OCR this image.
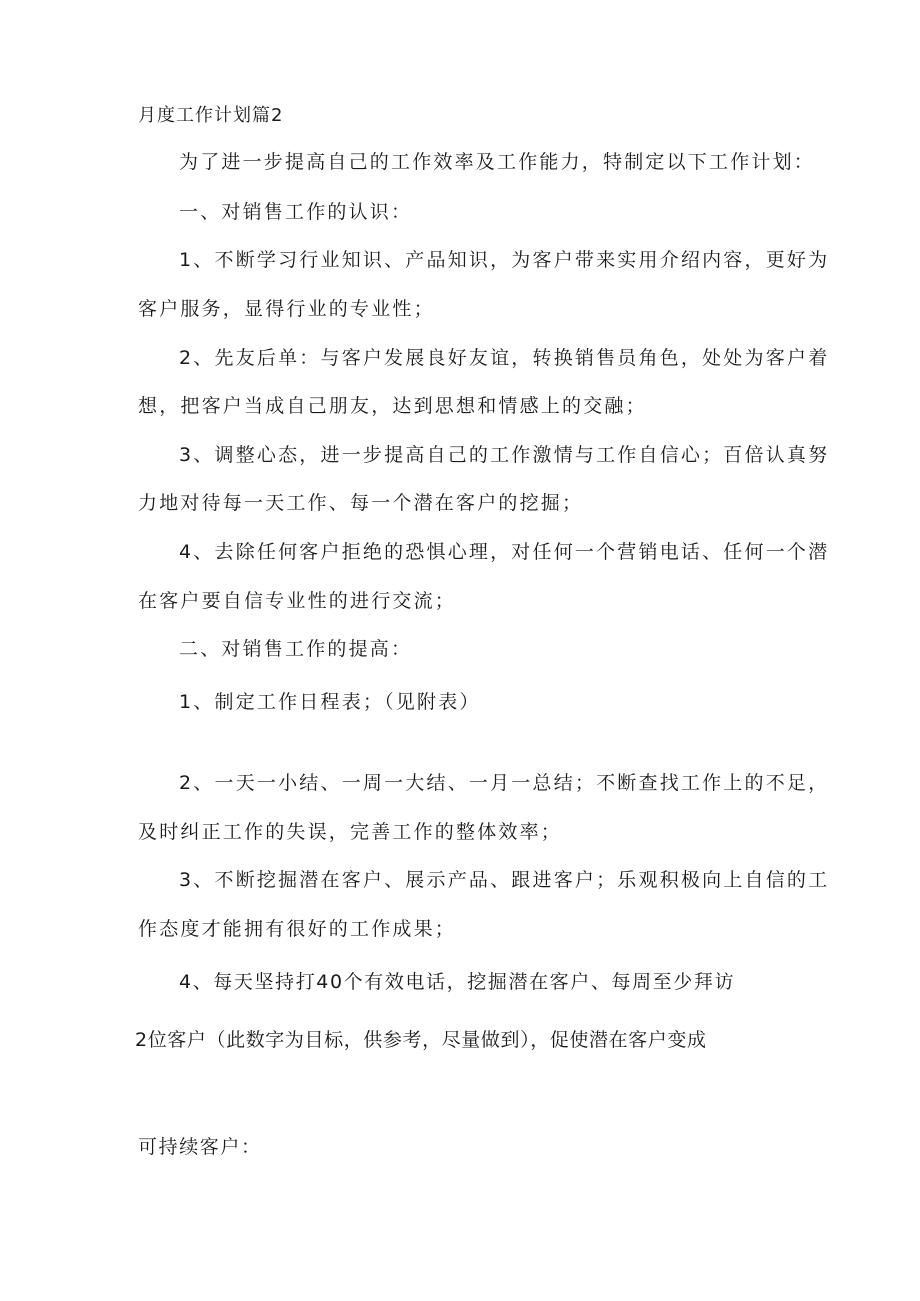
月度工作计划篇2

为了进一步提高自己的工作效率及工作能力，特制定以下工作计划：

一、对销售工作的认识：

1、不断学习行业知识、产品知识，为客户带来实用介绍内容，更好为

客户服务，显得行业的专业性；

2、先友后单：与客户发展良好友谊，转换销售员角色，处处为客户着

想，把客户当成自己朋友，达到思想和情感上的交融；

3、调整心态，进一步提高自己的工作激情与工作自信心；百倍认真努

力地对待每一天工作、每一个潜在客户的挖掘；

4、去除任何客户拒绝的恐惧心理，对任何一个营销电话、任何一个潜

在客户要自信专业性的进行交流；

二、对销售工作的提高：

1、制定工作日程表；（见附表）

2、一天一小结、一周一大结、一月一总结；不断查找工作上的不足，

及时纠正工作的失误，完善工作的整体效率；

3、不断挖掘潜在客户、展示产品、跟进客户；乐观积极向上自信的工

作态度才能拥有很好的工作成果；

4、每天坚持打40个有效电话，挖掘潜在客户、每周至少拜访

2位客户（此数字为目标，供参考，尽量做到），促使潜在客户变成

可持续客户：
